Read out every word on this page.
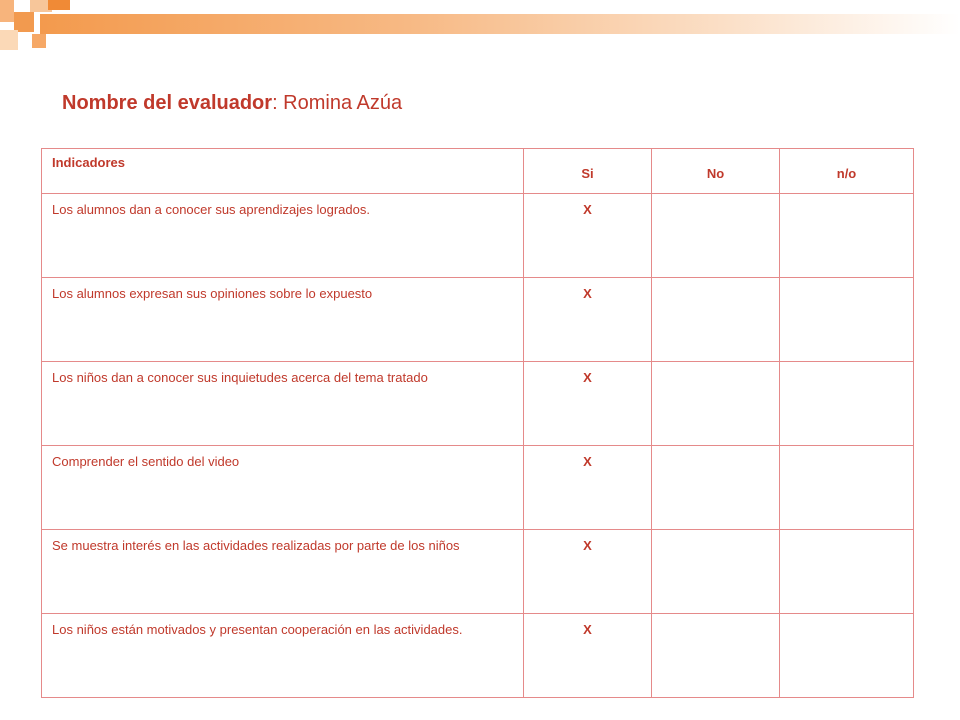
Nombre del evaluador: Romina Azúa
Indicadores	Si	No	n/o

Los alumnos dan a conocer sus aprendizajes logrados.	X		

Los alumnos expresan sus opiniones sobre lo expuesto	X		

Los niños dan a conocer sus inquietudes acerca del tema tratado	X		

Comprender el sentido del video	X		

Se muestra interés en las actividades realizadas por parte de los niños	X		

Los niños están motivados y presentan cooperación en las actividades.	X		
